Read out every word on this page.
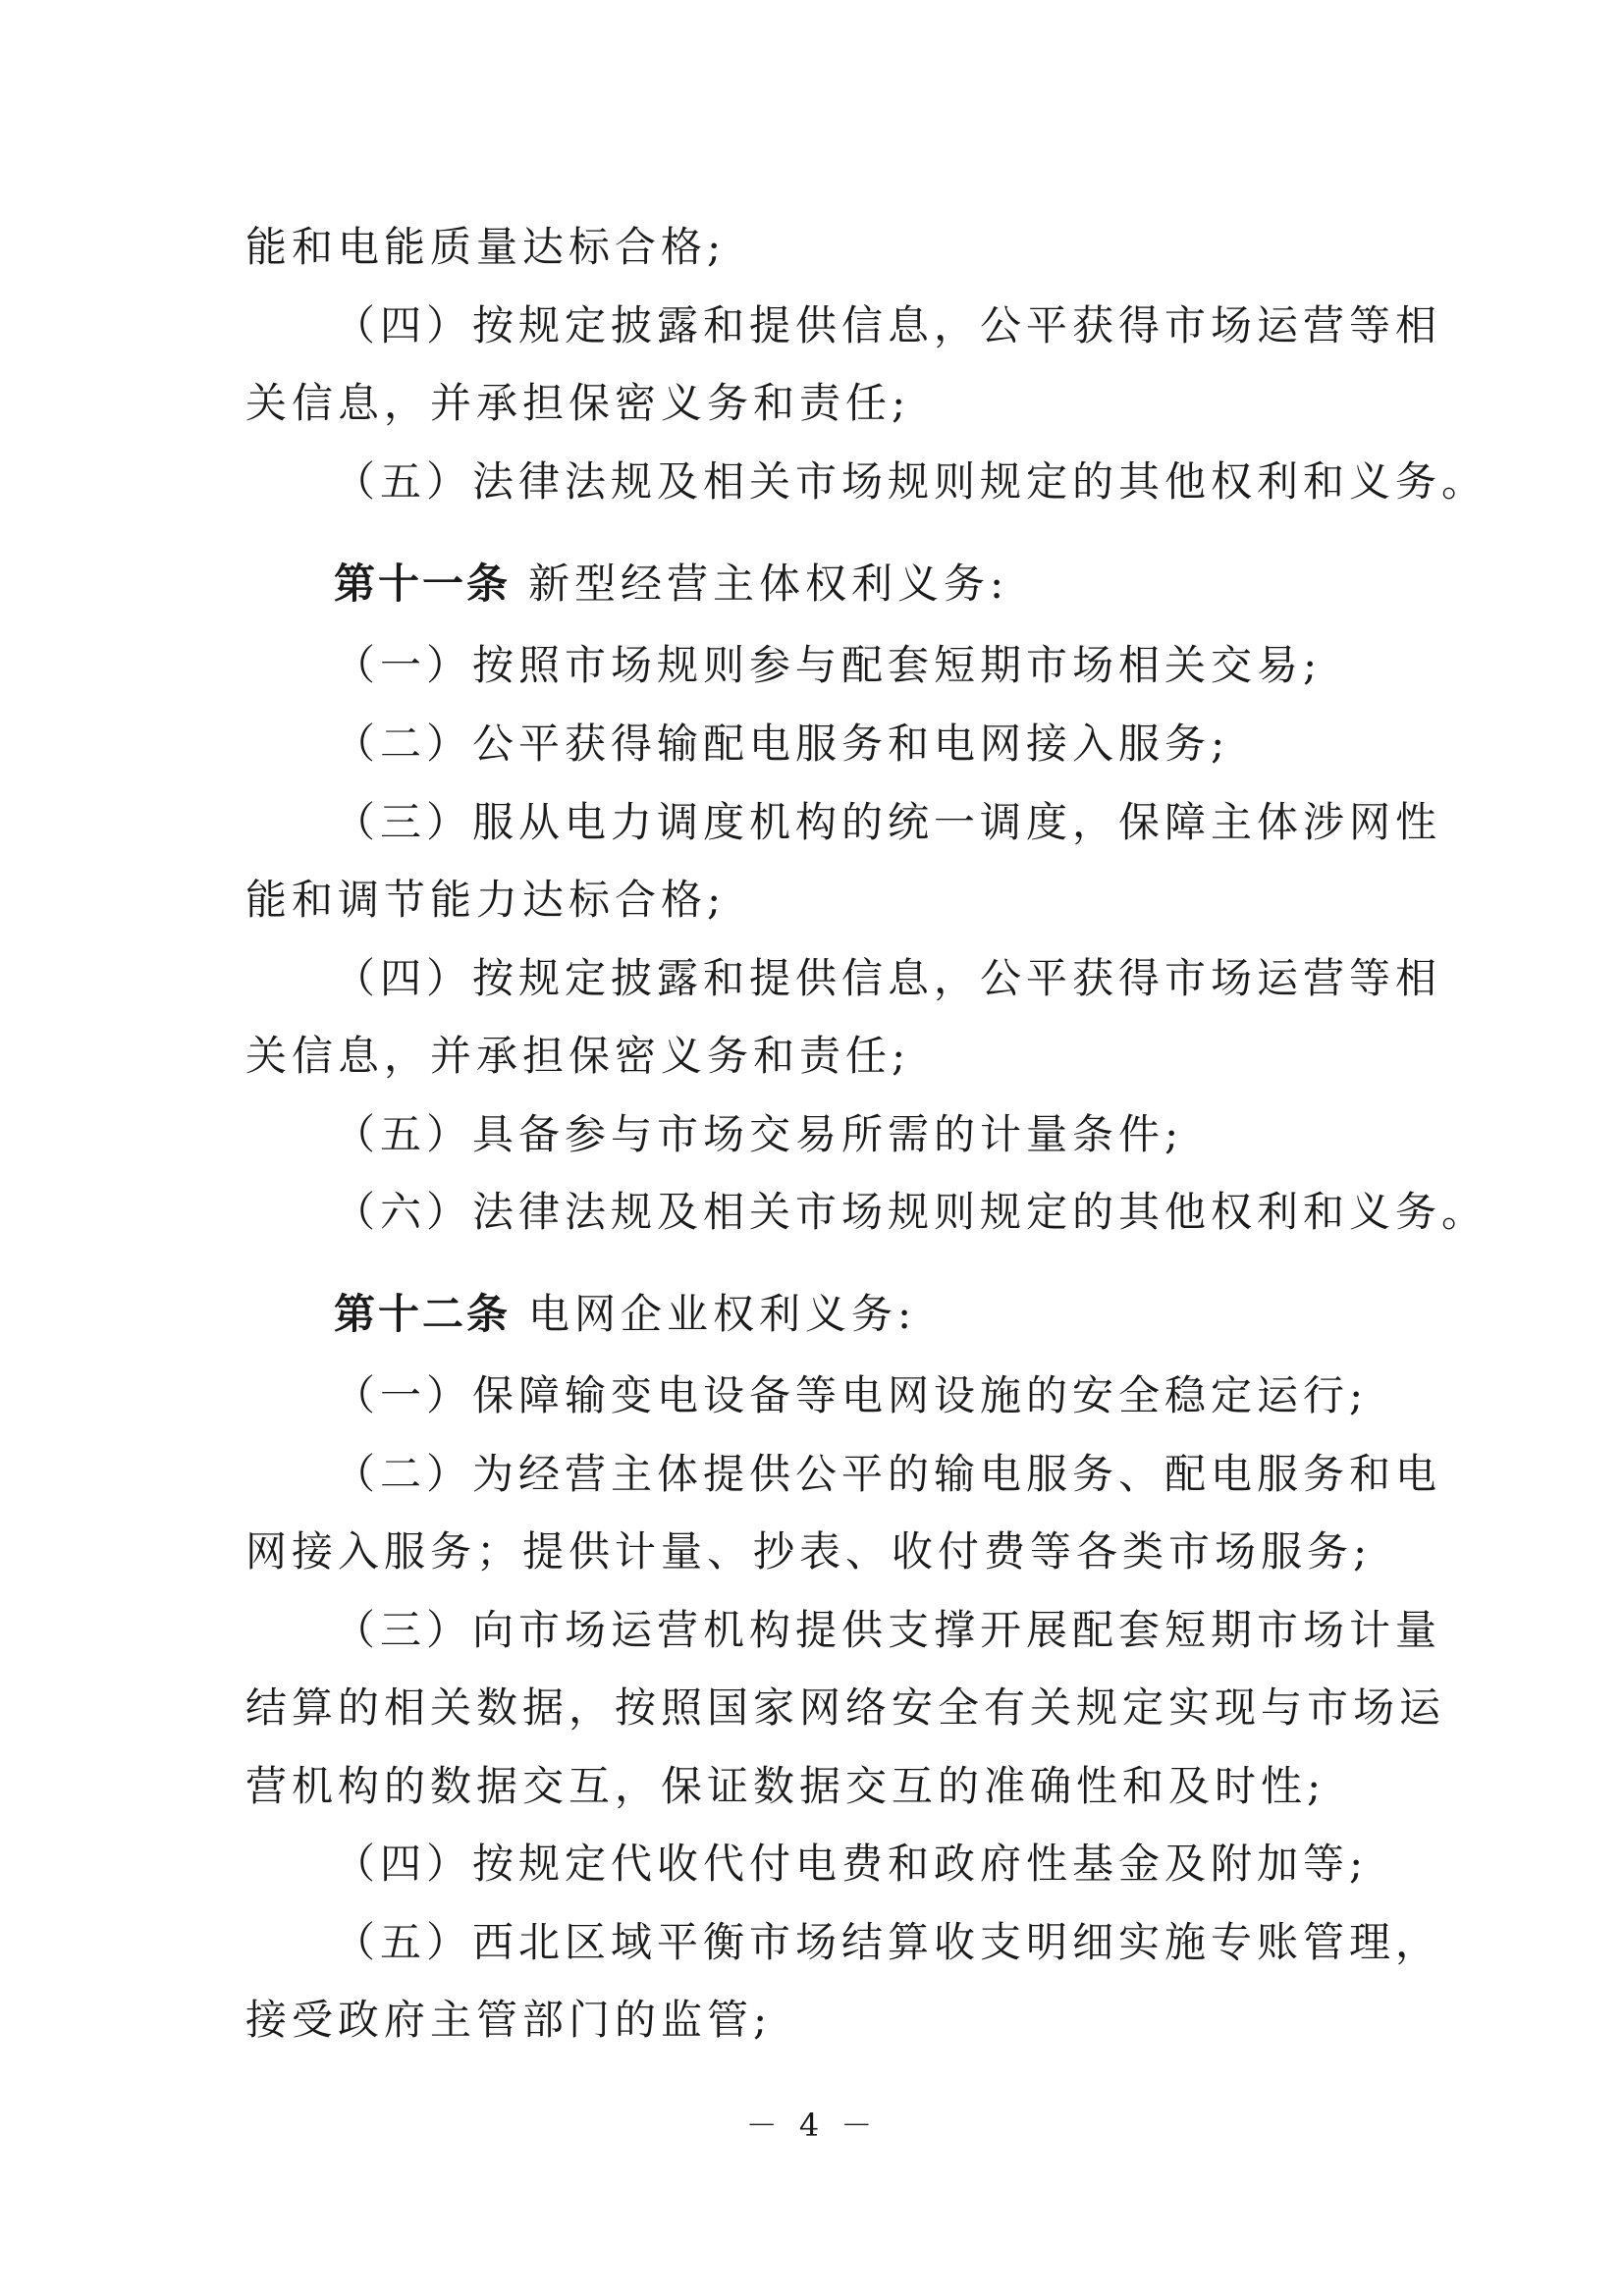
能和电能质量达标合格;
（四）按规定披露和提供信息，公平获得市场运营等相
关信息，并承担保密义务和责任;
（五）法律法规及相关市场规则规定的其他权利和义务。
第十一条 新型经营主体权利义务:
（一）按照市场规则参与配套短期市场相关交易;
（二）公平获得输配电服务和电网接入服务;
（三）服从电力调度机构的统一调度，保障主体涉网性
能和调节能力达标合格;
（四）按规定披露和提供信息，公平获得市场运营等相
关信息，并承担保密义务和责任;
（五）具备参与市场交易所需的计量条件;
（六）法律法规及相关市场规则规定的其他权利和义务。
第十二条 电网企业权利义务:
（一）保障输变电设备等电网设施的安全稳定运行;
（二）为经营主体提供公平的输电服务、配电服务和电
网接入服务；提供计量、抄表、收付费等各类市场服务;
（三）向市场运营机构提供支撑开展配套短期市场计量
结算的相关数据，按照国家网络安全有关规定实现与市场运
营机构的数据交互，保证数据交互的准确性和及时性;
（四）按规定代收代付电费和政府性基金及附加等;
（五）西北区域平衡市场结算收支明细实施专账管理，
接受政府主管部门的监管;
－ 4 －
